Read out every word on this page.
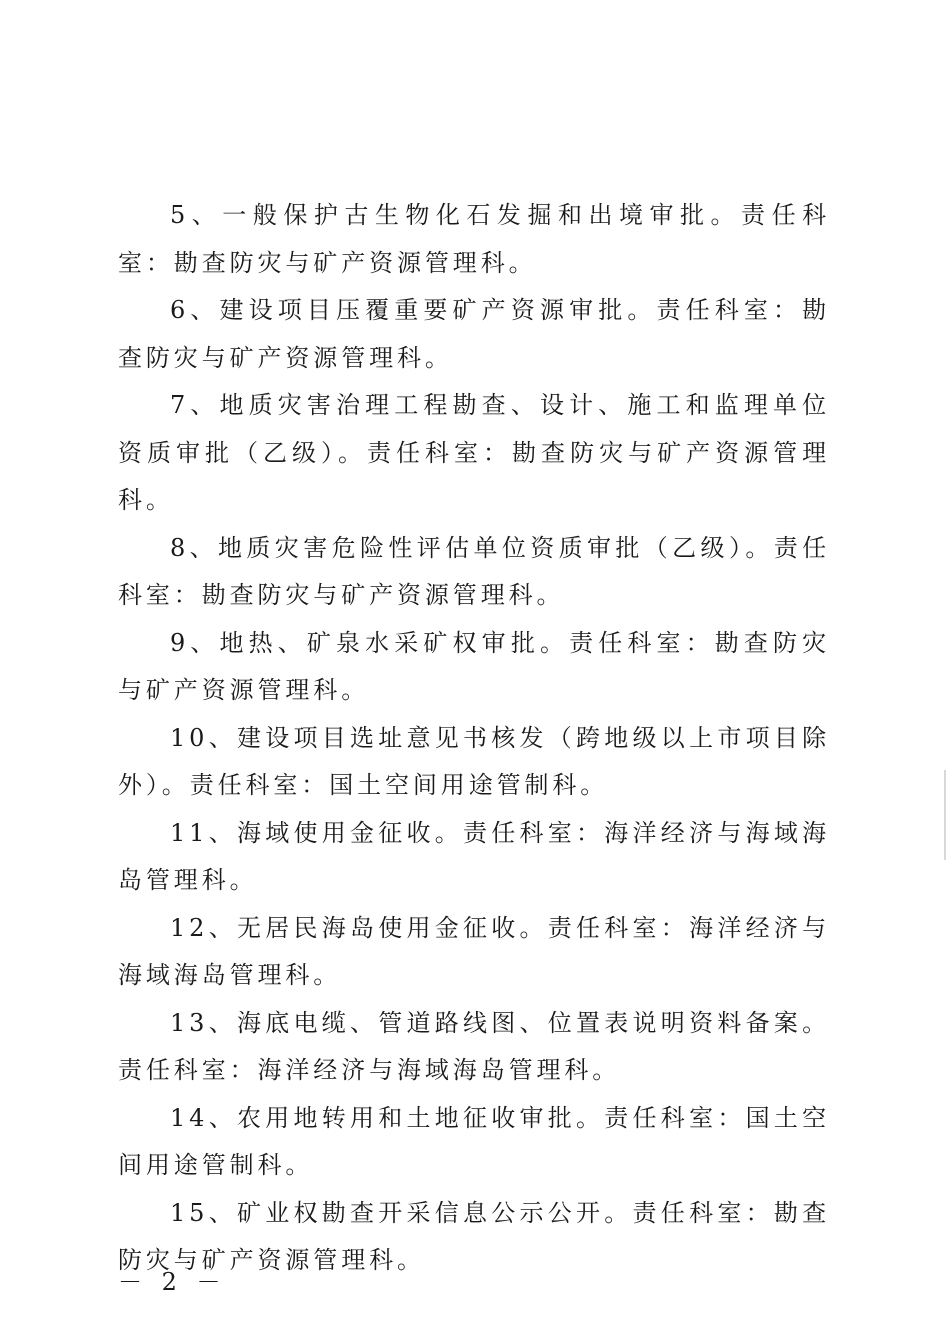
5、一般保护古生物化石发掘和出境审批。责任科室：勘查防灾与矿产资源管理科。

6、建设项目压覆重要矿产资源审批。责任科室：勘查防灾与矿产资源管理科。

7、地质灾害治理工程勘查、设计、施工和监理单位资质审批（乙级）。责任科室：勘查防灾与矿产资源管理科。

8、地质灾害危险性评估单位资质审批（乙级）。责任科室：勘查防灾与矿产资源管理科。

9、地热、矿泉水采矿权审批。责任科室：勘查防灾与矿产资源管理科。

10、建设项目选址意见书核发（跨地级以上市项目除外）。责任科室：国土空间用途管制科。

11、海域使用金征收。责任科室：海洋经济与海域海岛管理科。

12、无居民海岛使用金征收。责任科室：海洋经济与海域海岛管理科。

13、海底电缆、管道路线图、位置表说明资料备案。责任科室：海洋经济与海域海岛管理科。

14、农用地转用和土地征收审批。责任科室：国土空间用途管制科。

15、矿业权勘查开采信息公示公开。责任科室：勘查防灾与矿产资源管理科。

－ 2 －
